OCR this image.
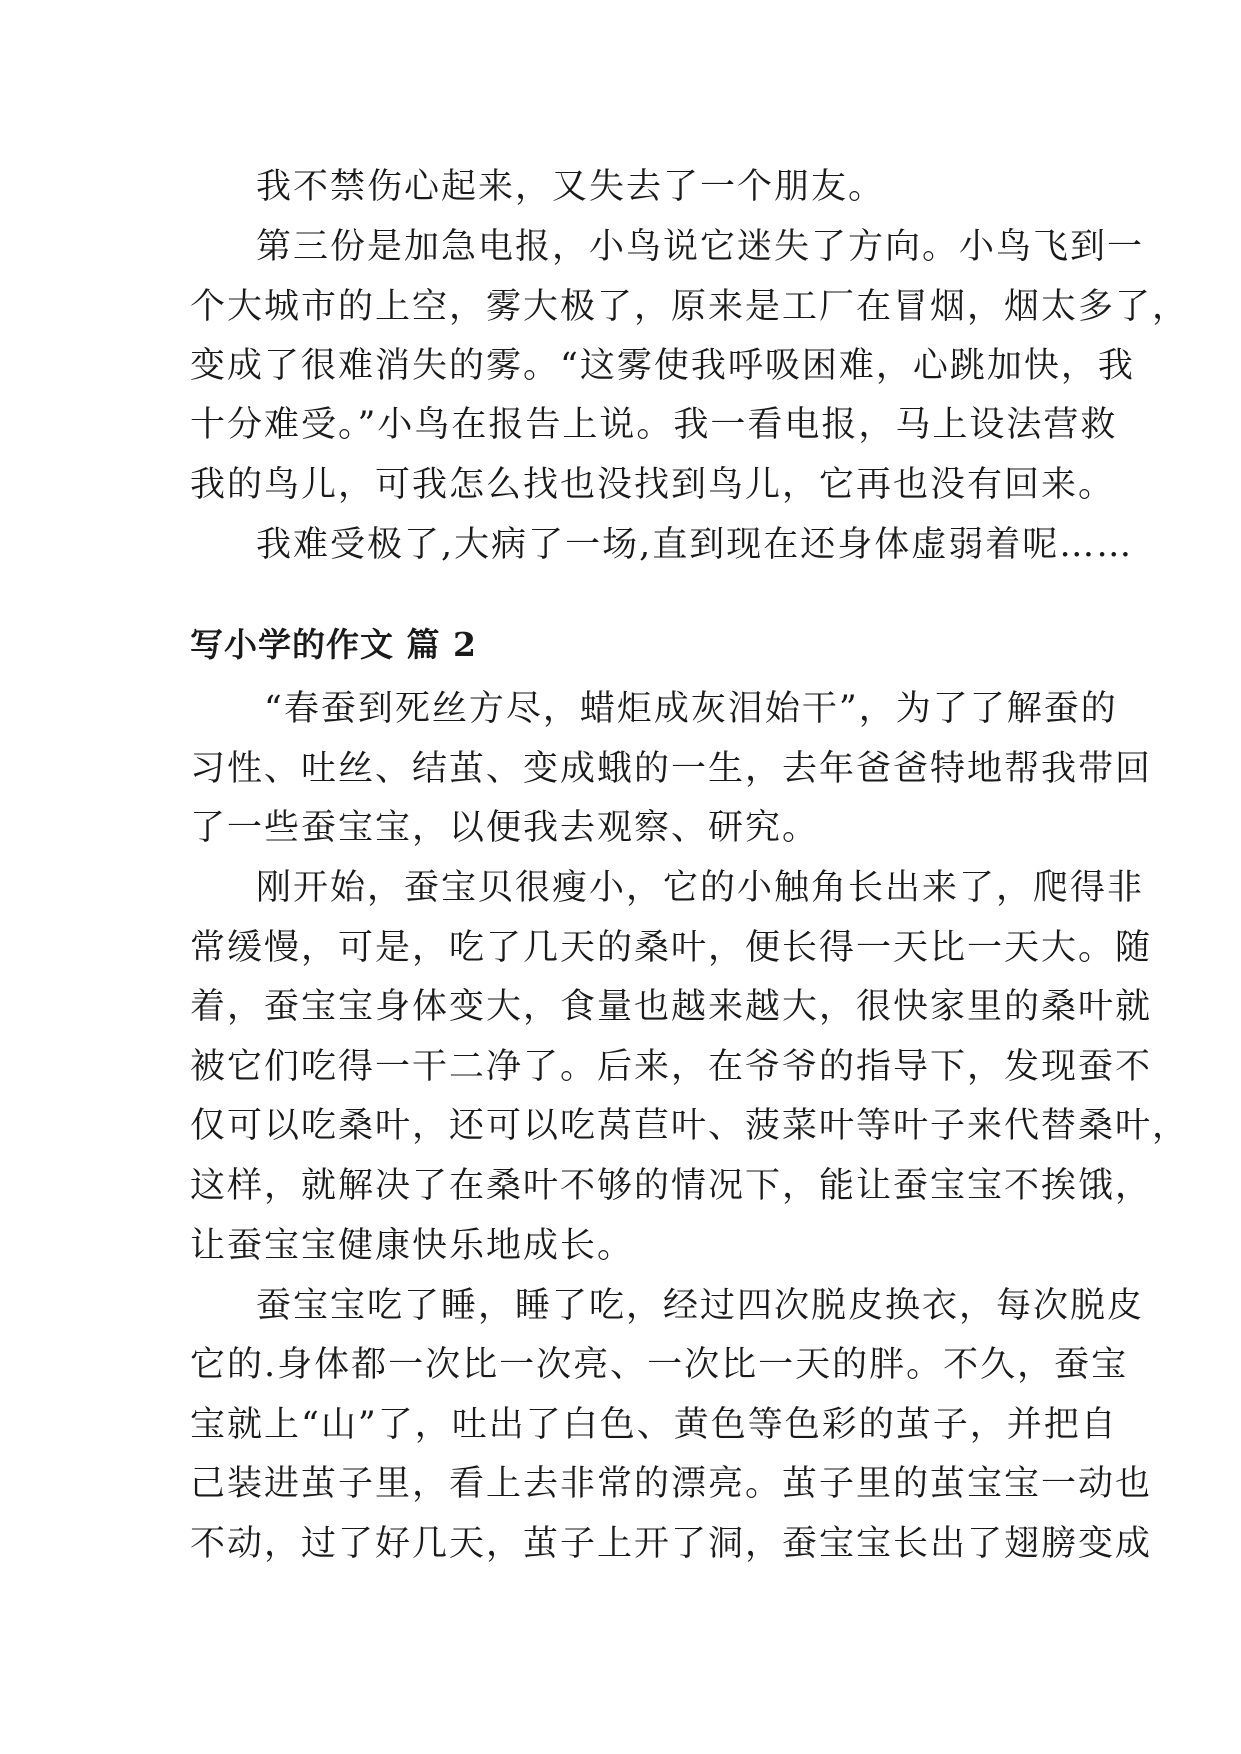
我不禁伤心起来，又失去了一个朋友。

第三份是加急电报，小鸟说它迷失了方向。小鸟飞到一

个大城市的上空，雾大极了，原来是工厂在冒烟，烟太多了，

变成了很难消失的雾。“这雾使我呼吸困难，心跳加快，我

十分难受。”小鸟在报告上说。我一看电报，马上设法营救

我的鸟儿，可我怎么找也没找到鸟儿，它再也没有回来。

我难受极了,大病了一场,直到现在还身体虚弱着呢……

写小学的作文 篇 2

“春蚕到死丝方尽，蜡炬成灰泪始干”，为了了解蚕的

习性、吐丝、结茧、变成蛾的一生，去年爸爸特地帮我带回

了一些蚕宝宝，以便我去观察、研究。

刚开始，蚕宝贝很瘦小，它的小触角长出来了，爬得非

常缓慢，可是，吃了几天的桑叶，便长得一天比一天大。随

着，蚕宝宝身体变大，食量也越来越大，很快家里的桑叶就

被它们吃得一干二净了。后来，在爷爷的指导下，发现蚕不

仅可以吃桑叶，还可以吃莴苣叶、菠菜叶等叶子来代替桑叶，

这样，就解决了在桑叶不够的情况下，能让蚕宝宝不挨饿，

让蚕宝宝健康快乐地成长。

蚕宝宝吃了睡，睡了吃，经过四次脱皮换衣，每次脱皮

它的.身体都一次比一次亮、一次比一天的胖。不久，蚕宝

宝就上“山”了，吐出了白色、黄色等色彩的茧子，并把自

己装进茧子里，看上去非常的漂亮。茧子里的茧宝宝一动也

不动，过了好几天，茧子上开了洞，蚕宝宝长出了翅膀变成
